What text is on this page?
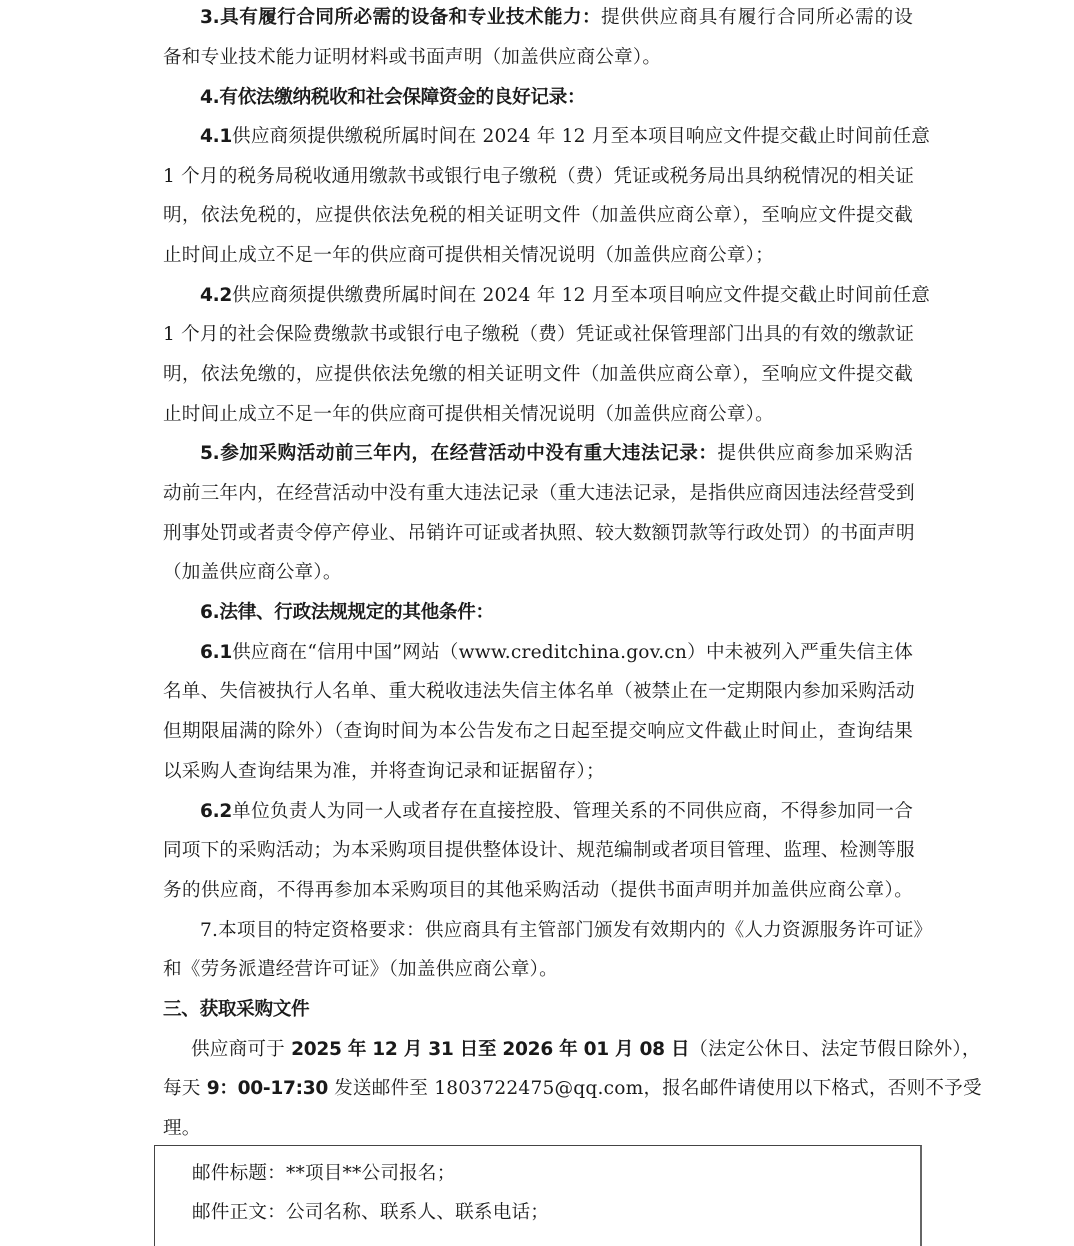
3.具有履行合同所必需的设备和专业技术能力：提供供应商具有履行合同所必需的设
备和专业技术能力证明材料或书面声明（加盖供应商公章）。
4.有依法缴纳税收和社会保障资金的良好记录：
4.1供应商须提供缴税所属时间在 2024 年 12 月至本项目响应文件提交截止时间前任意
1 个月的税务局税收通用缴款书或银行电子缴税（费）凭证或税务局出具纳税情况的相关证
明，依法免税的，应提供依法免税的相关证明文件（加盖供应商公章），至响应文件提交截
止时间止成立不足一年的供应商可提供相关情况说明（加盖供应商公章）；
4.2供应商须提供缴费所属时间在 2024 年 12 月至本项目响应文件提交截止时间前任意
1 个月的社会保险费缴款书或银行电子缴税（费）凭证或社保管理部门出具的有效的缴款证
明，依法免缴的，应提供依法免缴的相关证明文件（加盖供应商公章），至响应文件提交截
止时间止成立不足一年的供应商可提供相关情况说明（加盖供应商公章）。
5.参加采购活动前三年内，在经营活动中没有重大违法记录：提供供应商参加采购活
动前三年内，在经营活动中没有重大违法记录（重大违法记录，是指供应商因违法经营受到
刑事处罚或者责令停产停业、吊销许可证或者执照、较大数额罚款等行政处罚）的书面声明
（加盖供应商公章）。
6.法律、行政法规规定的其他条件：
6.1供应商在“信用中国”网站（www.creditchina.gov.cn）中未被列入严重失信主体
名单、失信被执行人名单、重大税收违法失信主体名单（被禁止在一定期限内参加采购活动
但期限届满的除外）（查询时间为本公告发布之日起至提交响应文件截止时间止，查询结果
以采购人查询结果为准，并将查询记录和证据留存）；
6.2单位负责人为同一人或者存在直接控股、管理关系的不同供应商，不得参加同一合
同项下的采购活动；为本采购项目提供整体设计、规范编制或者项目管理、监理、检测等服
务的供应商，不得再参加本采购项目的其他采购活动（提供书面声明并加盖供应商公章）。
7.本项目的特定资格要求：供应商具有主管部门颁发有效期内的《人力资源服务许可证》
和《劳务派遣经营许可证》（加盖供应商公章）。
三、获取采购文件
供应商可于 2025 年 12 月 31 日至 2026 年 01 月 08 日（法定公休日、法定节假日除外），
每天 9：00-17:30 发送邮件至 1803722475@qq.com，报名邮件请使用以下格式，否则不予受
理。
邮件标题：**项目**公司报名；
邮件正文：公司名称、联系人、联系电话；
